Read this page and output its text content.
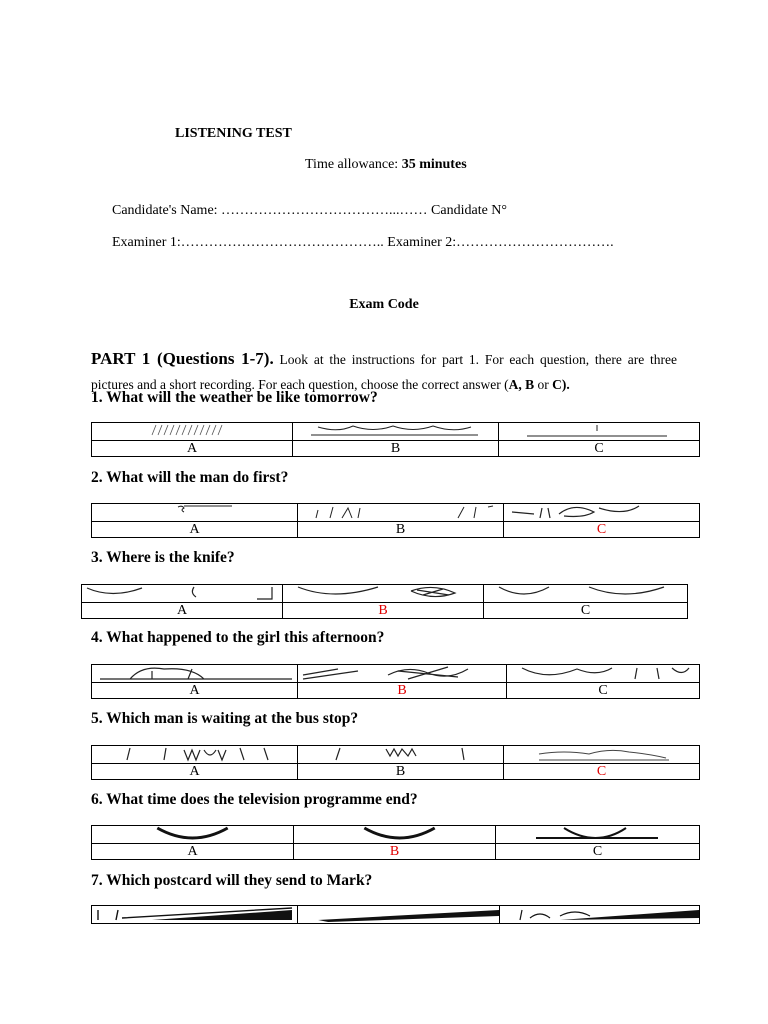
LISTENING TEST
Time allowance: 35 minutes
Candidate's Name: ………………………………...…… Candidate N°
Examiner 1:…………………………………….. Examiner 2:…………………………….
Exam Code
PART 1 (Questions 1-7). Look at the instructions for part 1. For each question, there are three pictures and a short recording. For each question, choose the correct answer (A, B or C).
1. What will the weather be like tomorrow?

A	B	C
2. What will the man do first?

A	B	C
3. Where is the knife?

A	B	C
4. What happened to the girl this afternoon?

A	B	C
5. Which man is waiting at the bus stop?

A	B	C
6. What time does the television programme end?

A	B	C
7. Which postcard will they send to Mark?
